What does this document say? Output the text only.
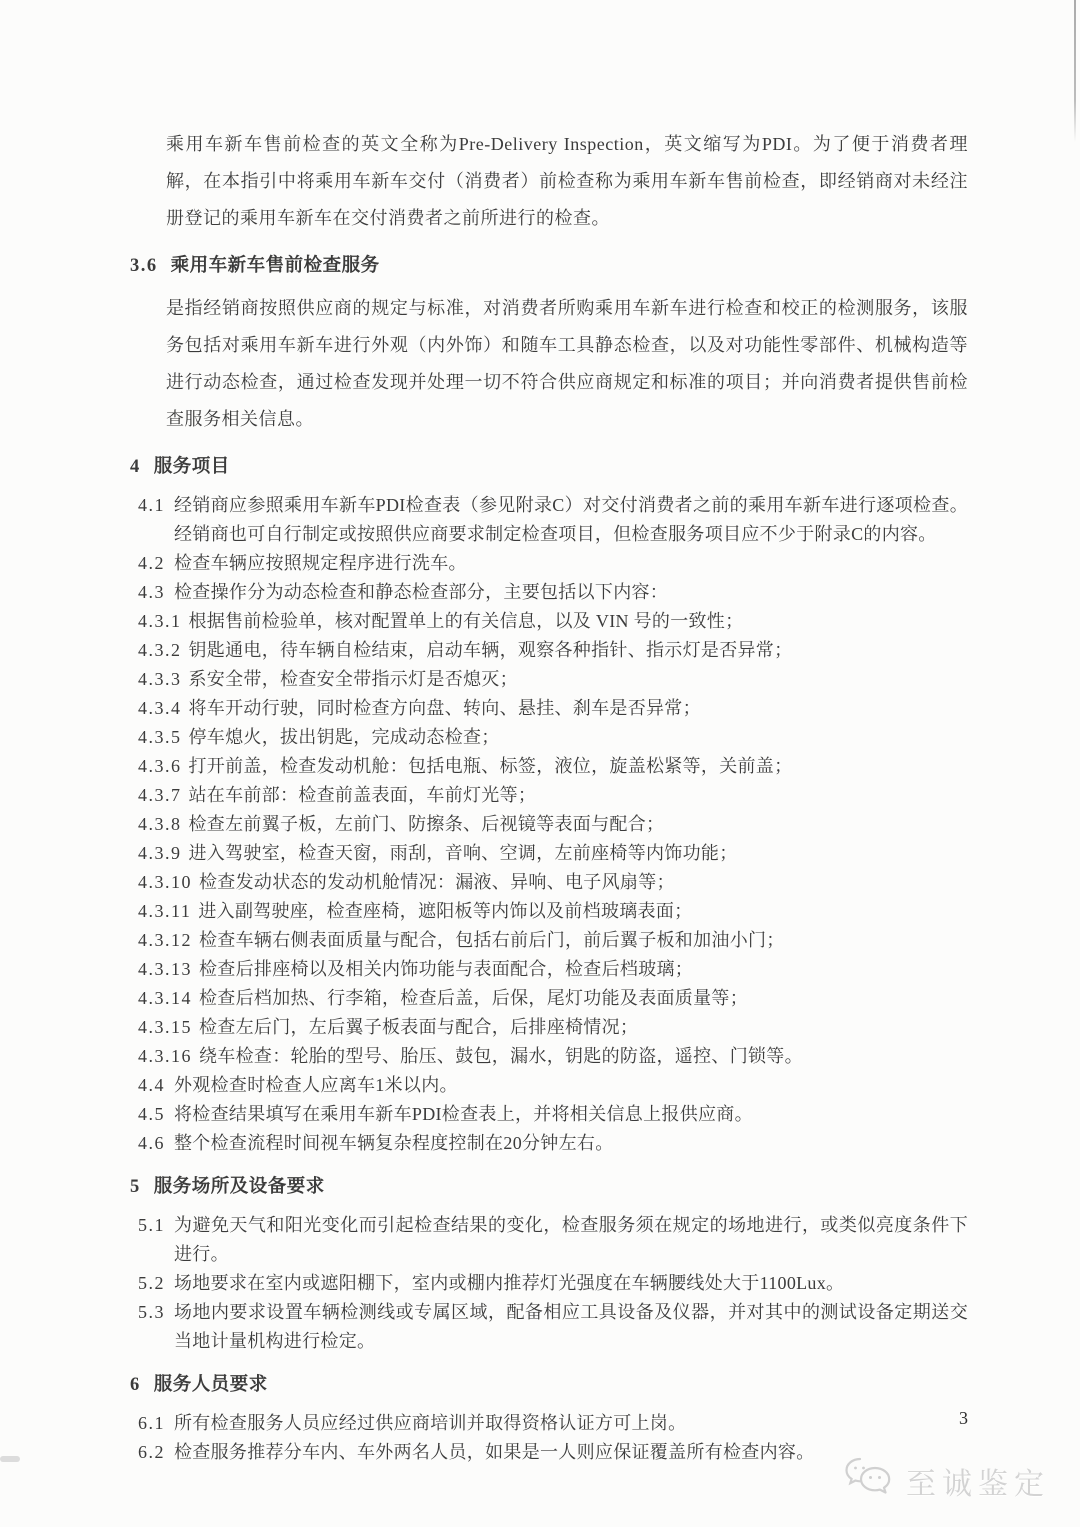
乘用车新车售前检查的英文全称为Pre-Delivery Inspection，英文缩写为PDI。为了便于消费者理解，在本指引中将乘用车新车交付（消费者）前检查称为乘用车新车售前检查，即经销商对未经注册登记的乘用车新车在交付消费者之前所进行的检查。
3.6 乘用车新车售前检查服务
是指经销商按照供应商的规定与标准，对消费者所购乘用车新车进行检查和校正的检测服务，该服务包括对乘用车新车进行外观（内外饰）和随车工具静态检查，以及对功能性零部件、机械构造等进行动态检查，通过检查发现并处理一切不符合供应商规定和标准的项目；并向消费者提供售前检查服务相关信息。
4 服务项目
4.1 经销商应参照乘用车新车PDI检查表（参见附录C）对交付消费者之前的乘用车新车进行逐项检查。经销商也可自行制定或按照供应商要求制定检查项目，但检查服务项目应不少于附录C的内容。
4.2 检查车辆应按照规定程序进行洗车。
4.3 检查操作分为动态检查和静态检查部分，主要包括以下内容：
4.3.1 根据售前检验单，核对配置单上的有关信息，以及 VIN 号的一致性；
4.3.2 钥匙通电，待车辆自检结束，启动车辆，观察各种指针、指示灯是否异常；
4.3.3 系安全带，检查安全带指示灯是否熄灭；
4.3.4 将车开动行驶，同时检查方向盘、转向、悬挂、刹车是否异常；
4.3.5 停车熄火，拔出钥匙，完成动态检查；
4.3.6 打开前盖，检查发动机舱：包括电瓶、标签，液位，旋盖松紧等，关前盖；
4.3.7 站在车前部：检查前盖表面，车前灯光等；
4.3.8 检查左前翼子板，左前门、防擦条、后视镜等表面与配合；
4.3.9 进入驾驶室，检查天窗，雨刮，音响、空调，左前座椅等内饰功能；
4.3.10 检查发动状态的发动机舱情况：漏液、异响、电子风扇等；
4.3.11 进入副驾驶座，检查座椅，遮阳板等内饰以及前档玻璃表面；
4.3.12 检查车辆右侧表面质量与配合，包括右前后门，前后翼子板和加油小门；
4.3.13 检查后排座椅以及相关内饰功能与表面配合，检查后档玻璃；
4.3.14 检查后档加热、行李箱，检查后盖，后保，尾灯功能及表面质量等；
4.3.15 检查左后门，左后翼子板表面与配合，后排座椅情况；
4.3.16 绕车检查：轮胎的型号、胎压、鼓包，漏水，钥匙的防盗，遥控、门锁等。
4.4 外观检查时检查人应离车1米以内。
4.5 将检查结果填写在乘用车新车PDI检查表上，并将相关信息上报供应商。
4.6 整个检查流程时间视车辆复杂程度控制在20分钟左右。
5 服务场所及设备要求
5.1 为避免天气和阳光变化而引起检查结果的变化，检查服务须在规定的场地进行，或类似亮度条件下进行。
5.2 场地要求在室内或遮阳棚下，室内或棚内推荐灯光强度在车辆腰线处大于1100Lux。
5.3 场地内要求设置车辆检测线或专属区域，配备相应工具设备及仪器，并对其中的测试设备定期送交当地计量机构进行检定。
6 服务人员要求
6.1 所有检查服务人员应经过供应商培训并取得资格认证方可上岗。
6.2 检查服务推荐分车内、车外两名人员，如果是一人则应保证覆盖所有检查内容。
3
至诚鉴定
